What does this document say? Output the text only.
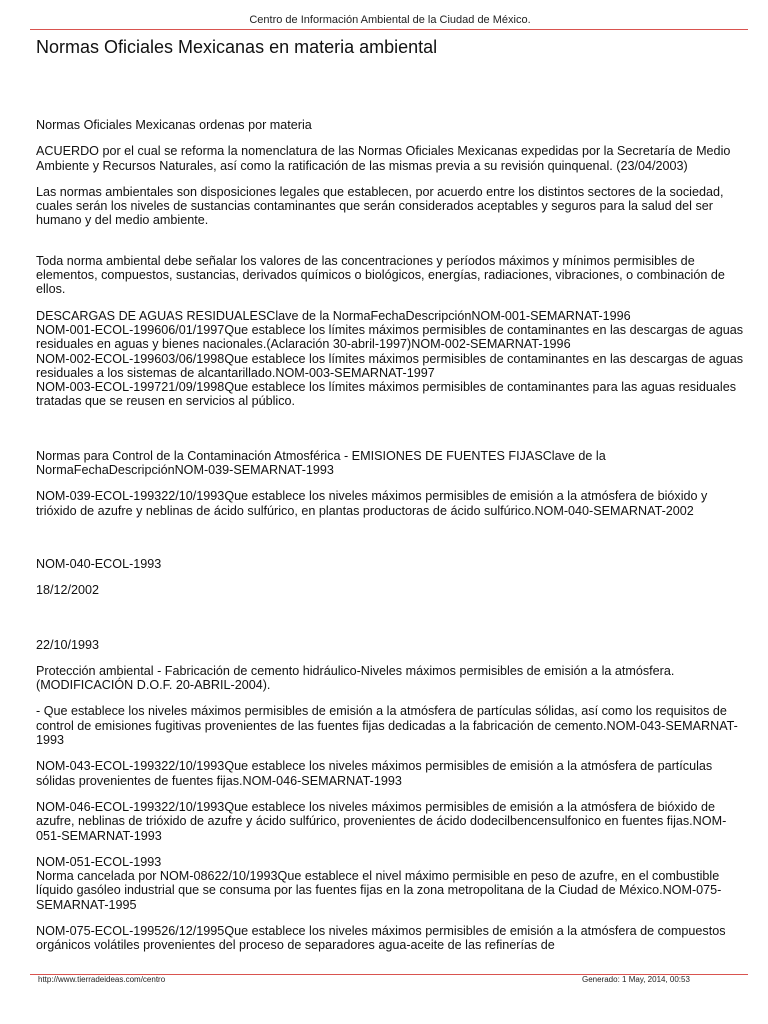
Centro de Información Ambiental de la Ciudad de México.
Normas Oficiales Mexicanas en materia ambiental

Normas Oficiales Mexicanas ordenas por materia

ACUERDO por el cual se reforma la nomenclatura de las Normas Oficiales Mexicanas expedidas por la Secretaría de Medio Ambiente y Recursos Naturales, así como la ratificación de las mismas previa a su revisión quinquenal. (23/04/2003)

Las normas ambientales son disposiciones legales que establecen, por acuerdo entre los distintos sectores de la sociedad, cuales serán los niveles de sustancias contaminantes que serán considerados aceptables y seguros para la salud del ser humano y del medio ambiente.

Toda norma ambiental debe señalar los valores de las concentraciones y períodos máximos y mínimos permisibles de elementos, compuestos, sustancias, derivados químicos o biológicos, energías, radiaciones, vibraciones, o combinación de ellos.

DESCARGAS DE AGUAS RESIDUALESClave de la NormaFechaDescripciónNOM-001-SEMARNAT-1996
NOM-001-ECOL-199606/01/1997Que establece los límites máximos permisibles de contaminantes en las descargas de aguas residuales en aguas y bienes nacionales.(Aclaración 30-abril-1997)NOM-002-SEMARNAT-1996
NOM-002-ECOL-199603/06/1998Que establece los límites máximos permisibles de contaminantes en las descargas de aguas residuales a los sistemas de alcantarillado.NOM-003-SEMARNAT-1997
NOM-003-ECOL-199721/09/1998Que establece los límites máximos permisibles de contaminantes para las aguas residuales tratadas que se reusen en servicios al público.

Normas para Control de la Contaminación Atmosférica - EMISIONES DE FUENTES FIJASClave de la NormaFechaDescripciónNOM-039-SEMARNAT-1993

NOM-039-ECOL-199322/10/1993Que establece los niveles máximos permisibles de emisión a la atmósfera de bióxido y trióxido de azufre y neblinas de ácido sulfúrico, en plantas productoras de ácido sulfúrico.NOM-040-SEMARNAT-2002

NOM-040-ECOL-1993

18/12/2002

22/10/1993

Protección ambiental - Fabricación de cemento hidráulico-Niveles máximos permisibles de emisión a la atmósfera. (MODIFICACIÓN D.O.F. 20-ABRIL-2004).

- Que establece los niveles máximos permisibles de emisión a la atmósfera de partículas sólidas, así como los requisitos de control de emisiones fugitivas provenientes de las fuentes fijas dedicadas a la fabricación de cemento.NOM-043-SEMARNAT-1993

NOM-043-ECOL-199322/10/1993Que establece los niveles máximos permisibles de emisión a la atmósfera de partículas sólidas provenientes de fuentes fijas.NOM-046-SEMARNAT-1993

NOM-046-ECOL-199322/10/1993Que establece los niveles máximos permisibles de emisión a la atmósfera de bióxido de azufre, neblinas de trióxido de azufre y ácido sulfúrico, provenientes de ácido dodecilbencensulfonico en fuentes fijas.NOM-051-SEMARNAT-1993

NOM-051-ECOL-1993
Norma cancelada por NOM-08622/10/1993Que establece el nivel máximo permisible en peso de azufre, en el combustible líquido gasóleo industrial que se consuma por las fuentes fijas en la zona metropolitana de la Ciudad de México.NOM-075-SEMARNAT-1995

NOM-075-ECOL-199526/12/1995Que establece los niveles máximos permisibles de emisión a la atmósfera de compuestos orgánicos volátiles provenientes del proceso de separadores agua-aceite de las refinerías de

http://www.tierradeideas.com/centro	Generado: 1 May, 2014, 00:53
